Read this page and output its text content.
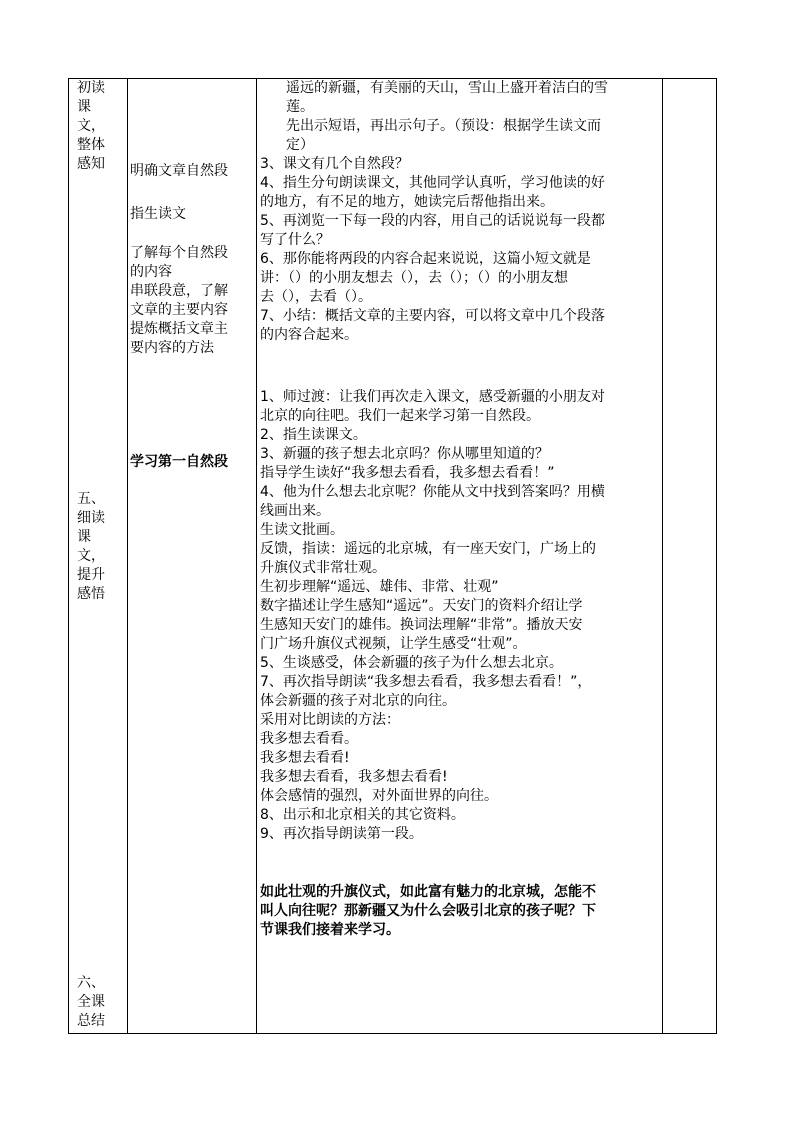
初读
课
文，
整体
感知
五、
细读
课
文，
提升
感悟
六、
全课
总结
明确文章自然段
指生读文
了解每个自然段
的内容
串联段意，了解
文章的主要内容
提炼概括文章主
要内容的方法
学习第一自然段
遥远的新疆，有美丽的天山，雪山上盛开着洁白的雪
莲。
先出示短语，再出示句子。（预设：根据学生读文而
定）
3、课文有几个自然段？
4、指生分句朗读课文，其他同学认真听，学习他读的好
的地方，有不足的地方，她读完后帮他指出来。
5、再浏览一下每一段的内容，用自己的话说说每一段都
写了什么？
6、那你能将两段的内容合起来说说，这篇小短文就是
讲：（）的小朋友想去（），去（）；（）的小朋友想
去（），去看（）。
7、小结：概括文章的主要内容，可以将文章中几个段落
的内容合起来。
1、师过渡：让我们再次走入课文，感受新疆的小朋友对
北京的向往吧。我们一起来学习第一自然段。
2、指生读课文。
3、新疆的孩子想去北京吗？你从哪里知道的？
指导学生读好“我多想去看看，我多想去看看！”
4、他为什么想去北京呢？你能从文中找到答案吗？用横
线画出来。
生读文批画。
反馈，指读：遥远的北京城，有一座天安门，广场上的
升旗仪式非常壮观。
生初步理解“遥远、雄伟、非常、壮观”
数字描述让学生感知“遥远”。天安门的资料介绍让学
生感知天安门的雄伟。换词法理解“非常”。播放天安
门广场升旗仪式视频，让学生感受“壮观”。
5、生谈感受，体会新疆的孩子为什么想去北京。
7、再次指导朗读“我多想去看看，我多想去看看！”，
体会新疆的孩子对北京的向往。
采用对比朗读的方法：
我多想去看看。
我多想去看看!
我多想去看看，我多想去看看!
体会感情的强烈，对外面世界的向往。
8、出示和北京相关的其它资料。
9、再次指导朗读第一段。
如此壮观的升旗仪式，如此富有魅力的北京城，怎能不
叫人向往呢？那新疆又为什么会吸引北京的孩子呢？下
节课我们接着来学习。
